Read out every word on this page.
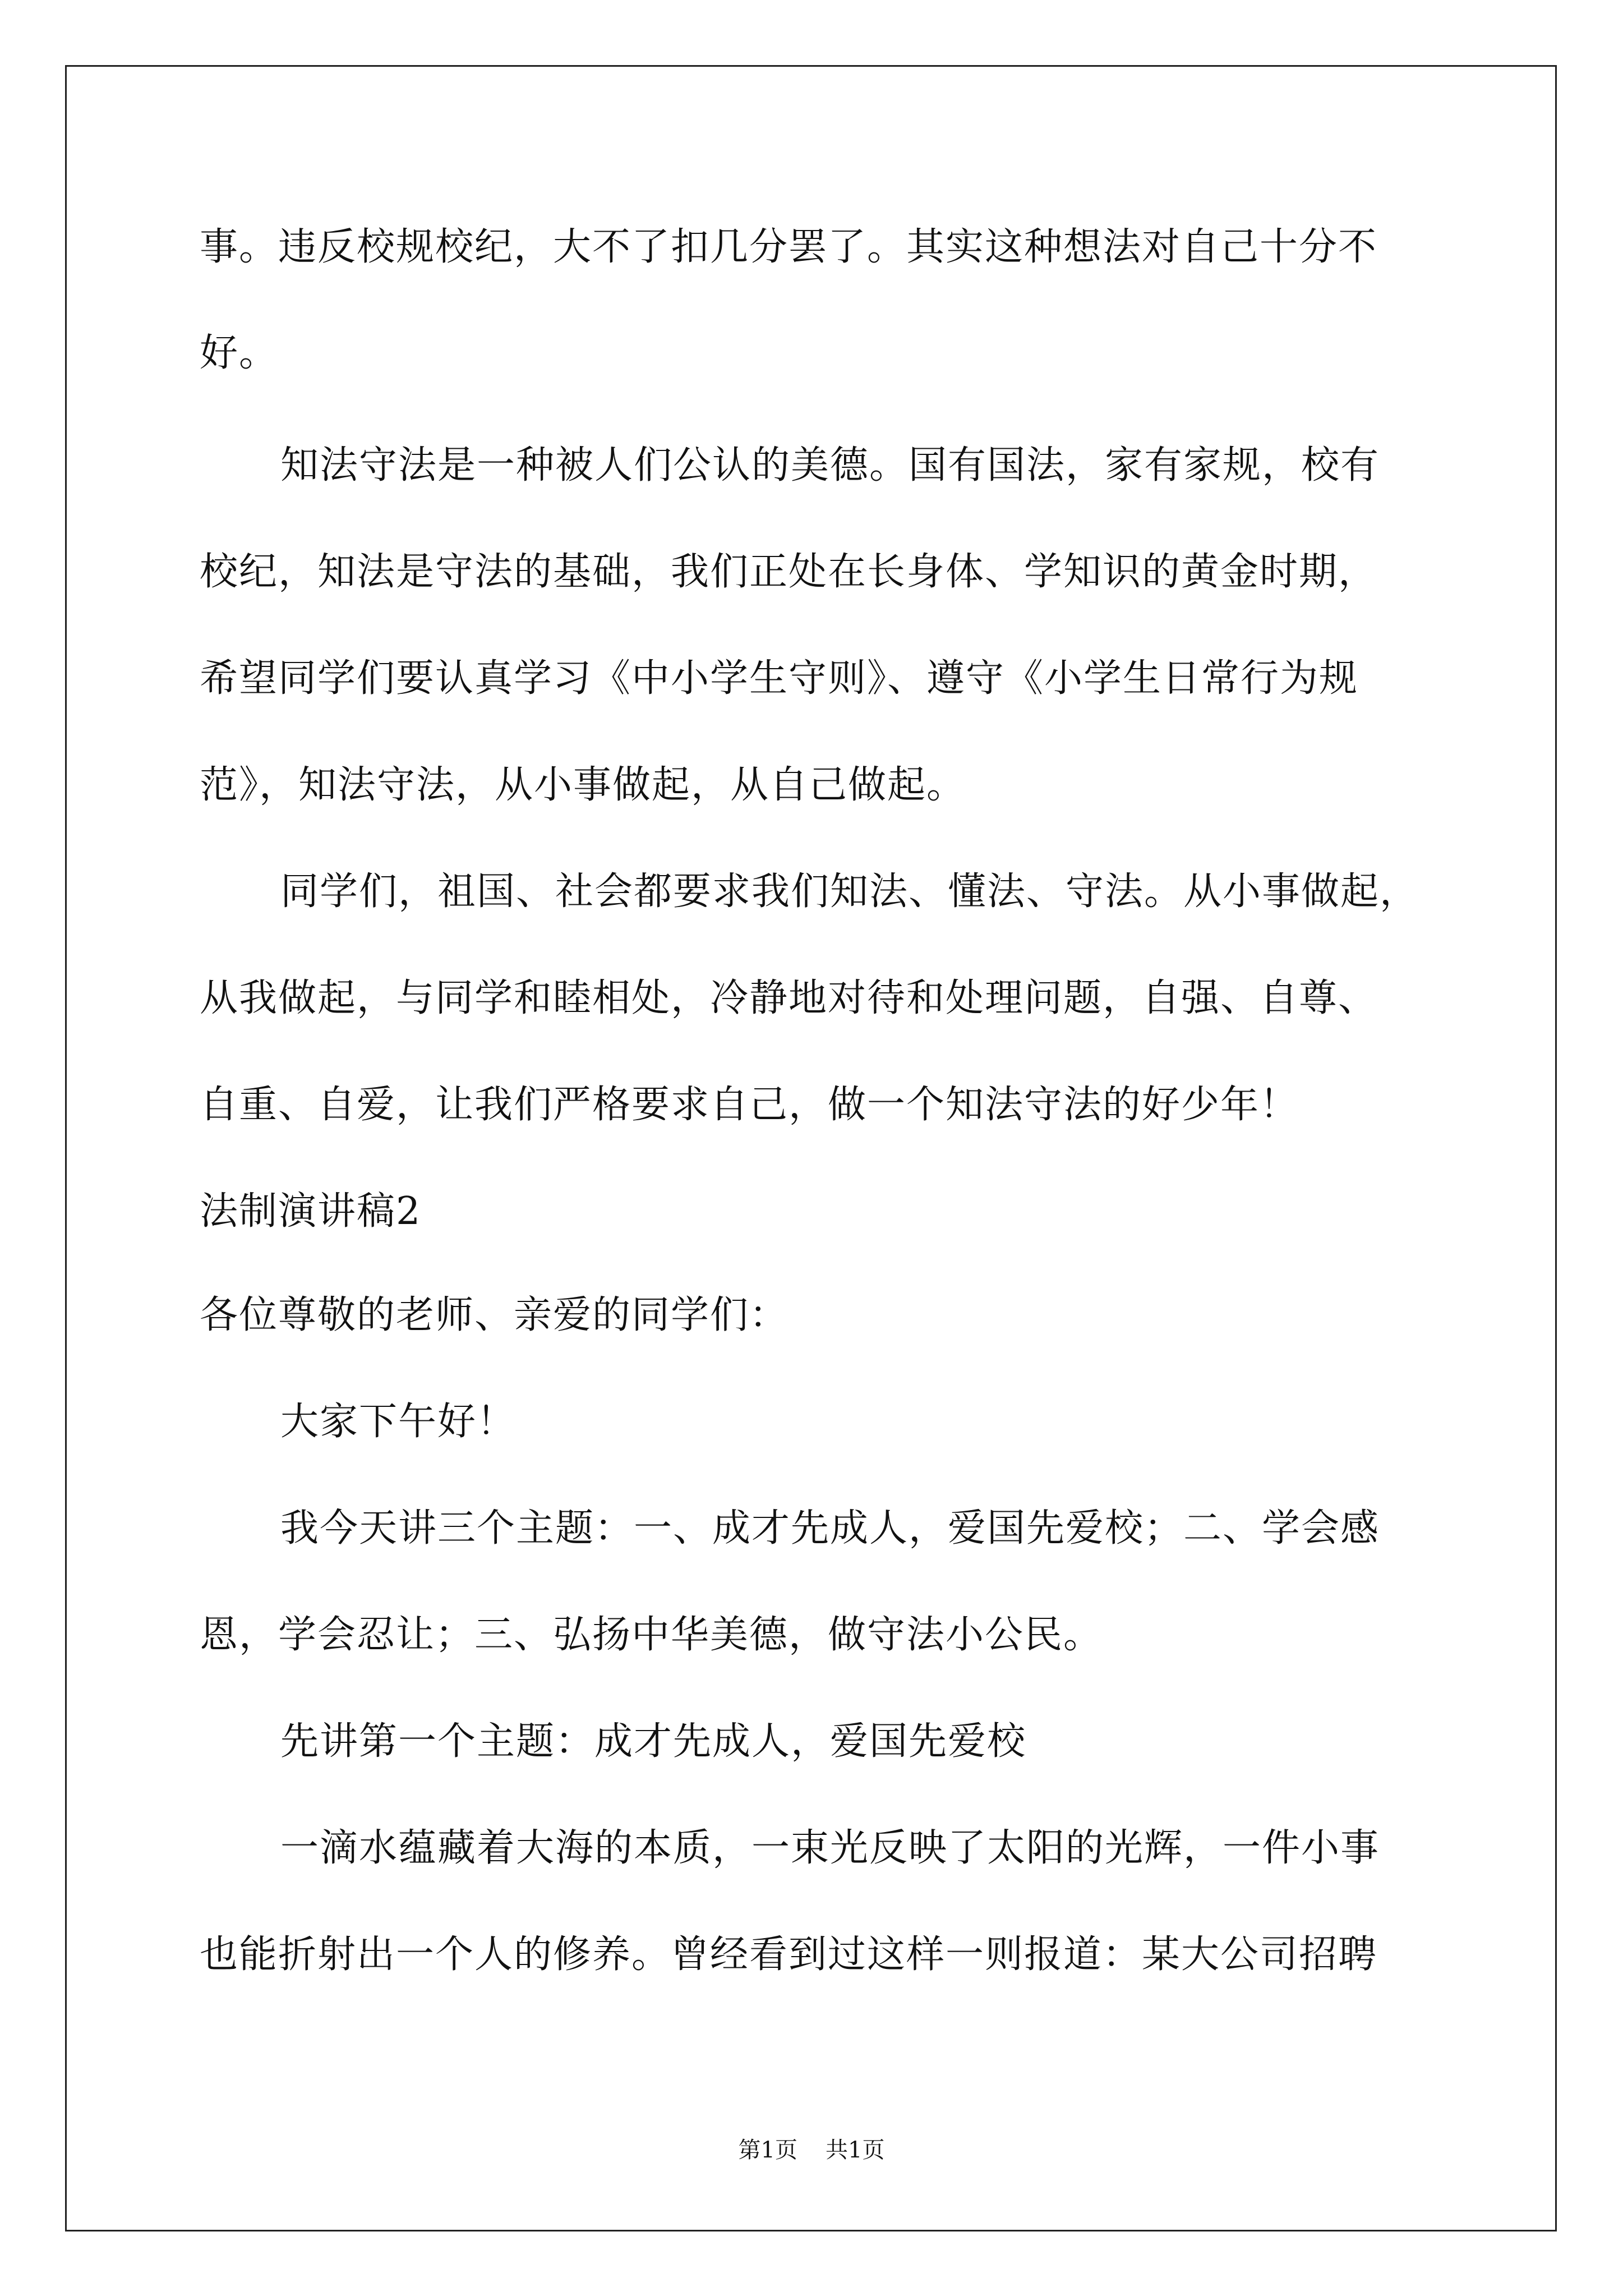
事。违反校规校纪，大不了扣几分罢了。其实这种想法对自己十分不
好。
知法守法是一种被人们公认的美德。国有国法，家有家规，校有
校纪，知法是守法的基础，我们正处在长身体、学知识的黄金时期，
希望同学们要认真学习《中小学生守则》、遵守《小学生日常行为规
范》，知法守法，从小事做起，从自己做起。
同学们，祖国、社会都要求我们知法、懂法、守法。从小事做起，
从我做起，与同学和睦相处，冷静地对待和处理问题，自强、自尊、
自重、自爱，让我们严格要求自己，做一个知法守法的好少年！
法制演讲稿2
各位尊敬的老师、亲爱的同学们：
大家下午好！
我今天讲三个主题：一、成才先成人，爱国先爱校；二、学会感
恩，学会忍让；三、弘扬中华美德，做守法小公民。
先讲第一个主题：成才先成人，爱国先爱校
一滴水蕴藏着大海的本质，一束光反映了太阳的光辉，一件小事
也能折射出一个人的修养。曾经看到过这样一则报道：某大公司招聘
第1页 共1页
